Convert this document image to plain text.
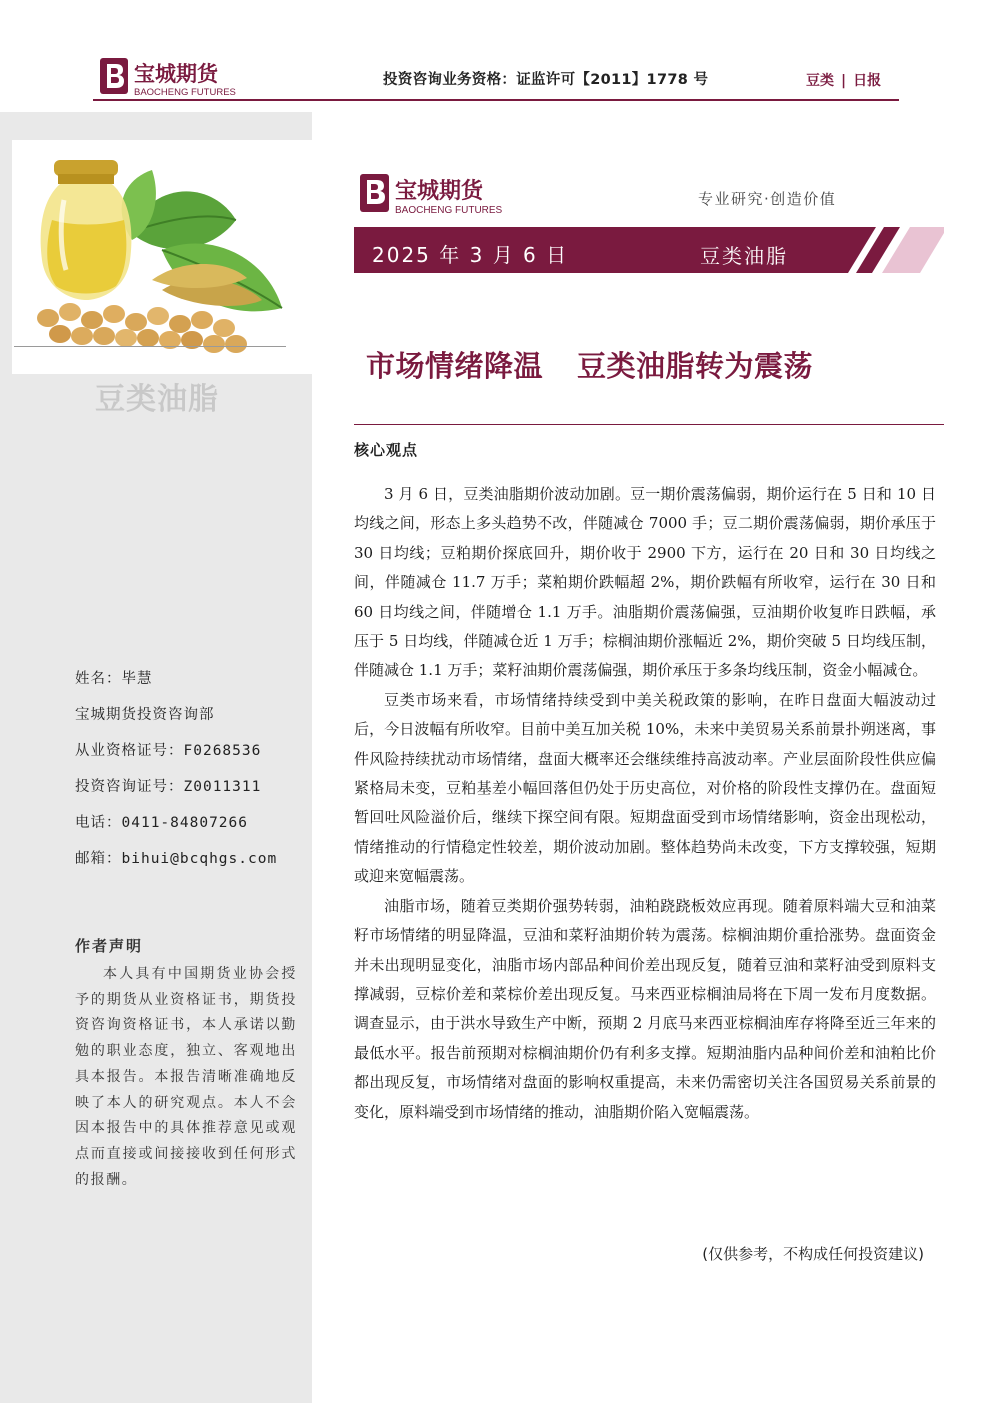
宝城期货
BAOCHENG FUTURES
投资咨询业务资格：证监许可【2011】1778 号	豆类 | 日报
豆类油脂
姓名：毕慧
宝城期货投资咨询部
从业资格证号：F0268536
投资咨询证号：Z0011311
电话：0411-84807266
邮箱：bihui@bcqhgs.com
作者声明
本人具有中国期货业协会授予的期货从业资格证书，期货投资咨询资格证书，本人承诺以勤勉的职业态度，独立、客观地出具本报告。本报告清晰准确地反映了本人的研究观点。本人不会因本报告中的具体推荐意见或观点而直接或间接接收到任何形式的报酬。
宝城期货
BAOCHENG FUTURES
专业研究·创造价值
2025 年 3 月 6 日	豆类油脂
市场情绪降温 豆类油脂转为震荡
核心观点

3 月 6 日，豆类油脂期价波动加剧。豆一期价震荡偏弱，期价运行在 5 日和 10 日均线之间，形态上多头趋势不改，伴随减仓 7000 手；豆二期价震荡偏弱，期价承压于 30 日均线；豆粕期价探底回升，期价收于 2900 下方，运行在 20 日和 30 日均线之间，伴随减仓 11.7 万手；菜粕期价跌幅超 2%，期价跌幅有所收窄，运行在 30 日和 60 日均线之间，伴随增仓 1.1 万手。油脂期价震荡偏强，豆油期价收复昨日跌幅，承压于 5 日均线，伴随减仓近 1 万手；棕榈油期价涨幅近 2%，期价突破 5 日均线压制，伴随减仓 1.1 万手；菜籽油期价震荡偏强，期价承压于多条均线压制，资金小幅减仓。

豆类市场来看，市场情绪持续受到中美关税政策的影响，在昨日盘面大幅波动过后，今日波幅有所收窄。目前中美互加关税 10%，未来中美贸易关系前景扑朔迷离，事件风险持续扰动市场情绪，盘面大概率还会继续维持高波动率。产业层面阶段性供应偏紧格局未变，豆粕基差小幅回落但仍处于历史高位，对价格的阶段性支撑仍在。盘面短暂回吐风险溢价后，继续下探空间有限。短期盘面受到市场情绪影响，资金出现松动，情绪推动的行情稳定性较差，期价波动加剧。整体趋势尚未改变，下方支撑较强，短期或迎来宽幅震荡。

油脂市场，随着豆类期价强势转弱，油粕跷跷板效应再现。随着原料端大豆和油菜籽市场情绪的明显降温，豆油和菜籽油期价转为震荡。棕榈油期价重拾涨势。盘面资金并未出现明显变化，油脂市场内部品种间价差出现反复，随着豆油和菜籽油受到原料支撑减弱，豆棕价差和菜棕价差出现反复。马来西亚棕榈油局将在下周一发布月度数据。调查显示，由于洪水导致生产中断，预期 2 月底马来西亚棕榈油库存将降至近三年来的最低水平。报告前预期对棕榈油期价仍有利多支撑。短期油脂内品种间价差和油粕比价都出现反复，市场情绪对盘面的影响权重提高，未来仍需密切关注各国贸易关系前景的变化，原料端受到市场情绪的推动，油脂期价陷入宽幅震荡。

(仅供参考，不构成任何投资建议)
